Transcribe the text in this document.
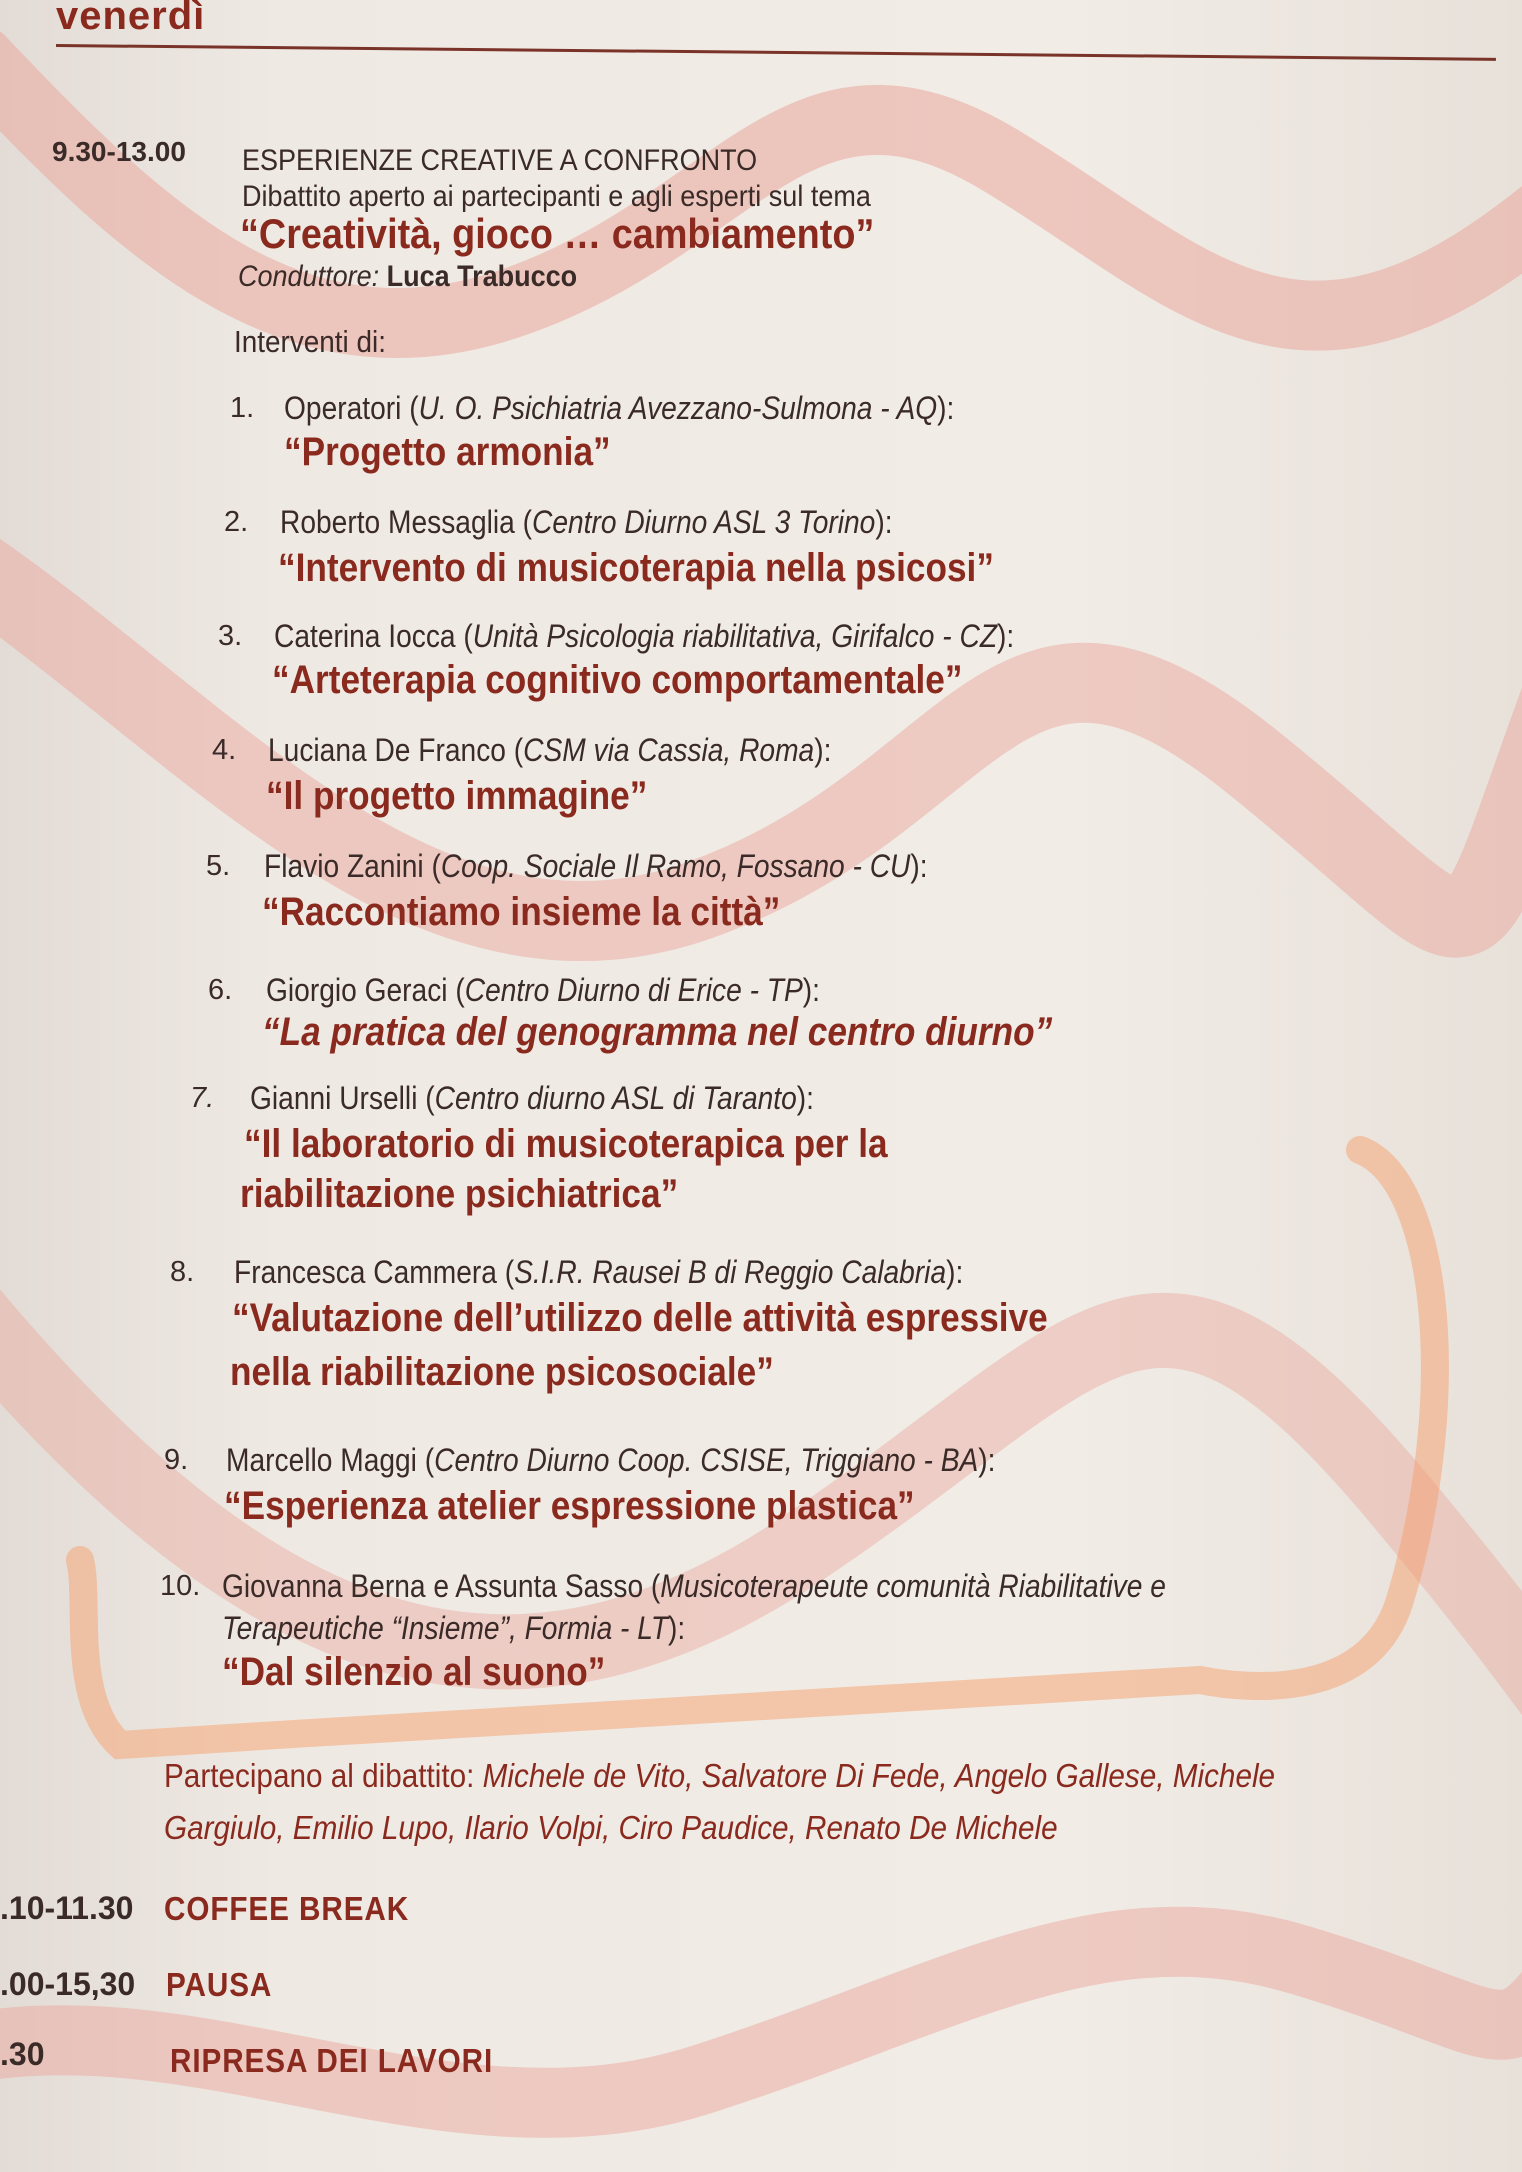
venerdì
9.30-13.00 ESPERIENZE CREATIVE A CONFRONTO
Dibattito aperto ai partecipanti e agli esperti sul tema
“Creatività, gioco … cambiamento”
Conduttore: Luca Trabucco
Interventi di:
1. Operatori (U. O. Psichiatria Avezzano-Sulmona - AQ):
“Progetto armonia”
2. Roberto Messaglia (Centro Diurno ASL 3 Torino):
“Intervento di musicoterapia nella psicosi”
3. Caterina Iocca (Unità Psicologia riabilitativa, Girifalco - CZ):
“Arteterapia cognitivo comportamentale”
4. Luciana De Franco (CSM via Cassia, Roma):
“Il progetto immagine”
5. Flavio Zanini (Coop. Sociale Il Ramo, Fossano - CU):
“Raccontiamo insieme la città”
6. Giorgio Geraci (Centro Diurno di Erice - TP):
“La pratica del genogramma nel centro diurno”
7. Gianni Urselli (Centro diurno ASL di Taranto):
“Il laboratorio di musicoterapica per la
riabilitazione psichiatrica”
8. Francesca Cammera (S.I.R. Rausei B di Reggio Calabria):
“Valutazione dell’utilizzo delle attività espressive
nella riabilitazione psicosociale”
9. Marcello Maggi (Centro Diurno Coop. CSISE, Triggiano - BA):
“Esperienza atelier espressione plastica”
10. Giovanna Berna e Assunta Sasso (Musicoterapeute comunità Riabilitative e
Terapeutiche “Insieme”, Formia - LT):
“Dal silenzio al suono”
Partecipano al dibattito: Michele de Vito, Salvatore Di Fede, Angelo Gallese, Michele Gargiulo, Emilio Lupo, Ilario Volpi, Ciro Paudice, Renato De Michele
.10-11.30 COFFEE BREAK
.00-15,30 PAUSA
.30	RIPRESA DEI LAVORI
